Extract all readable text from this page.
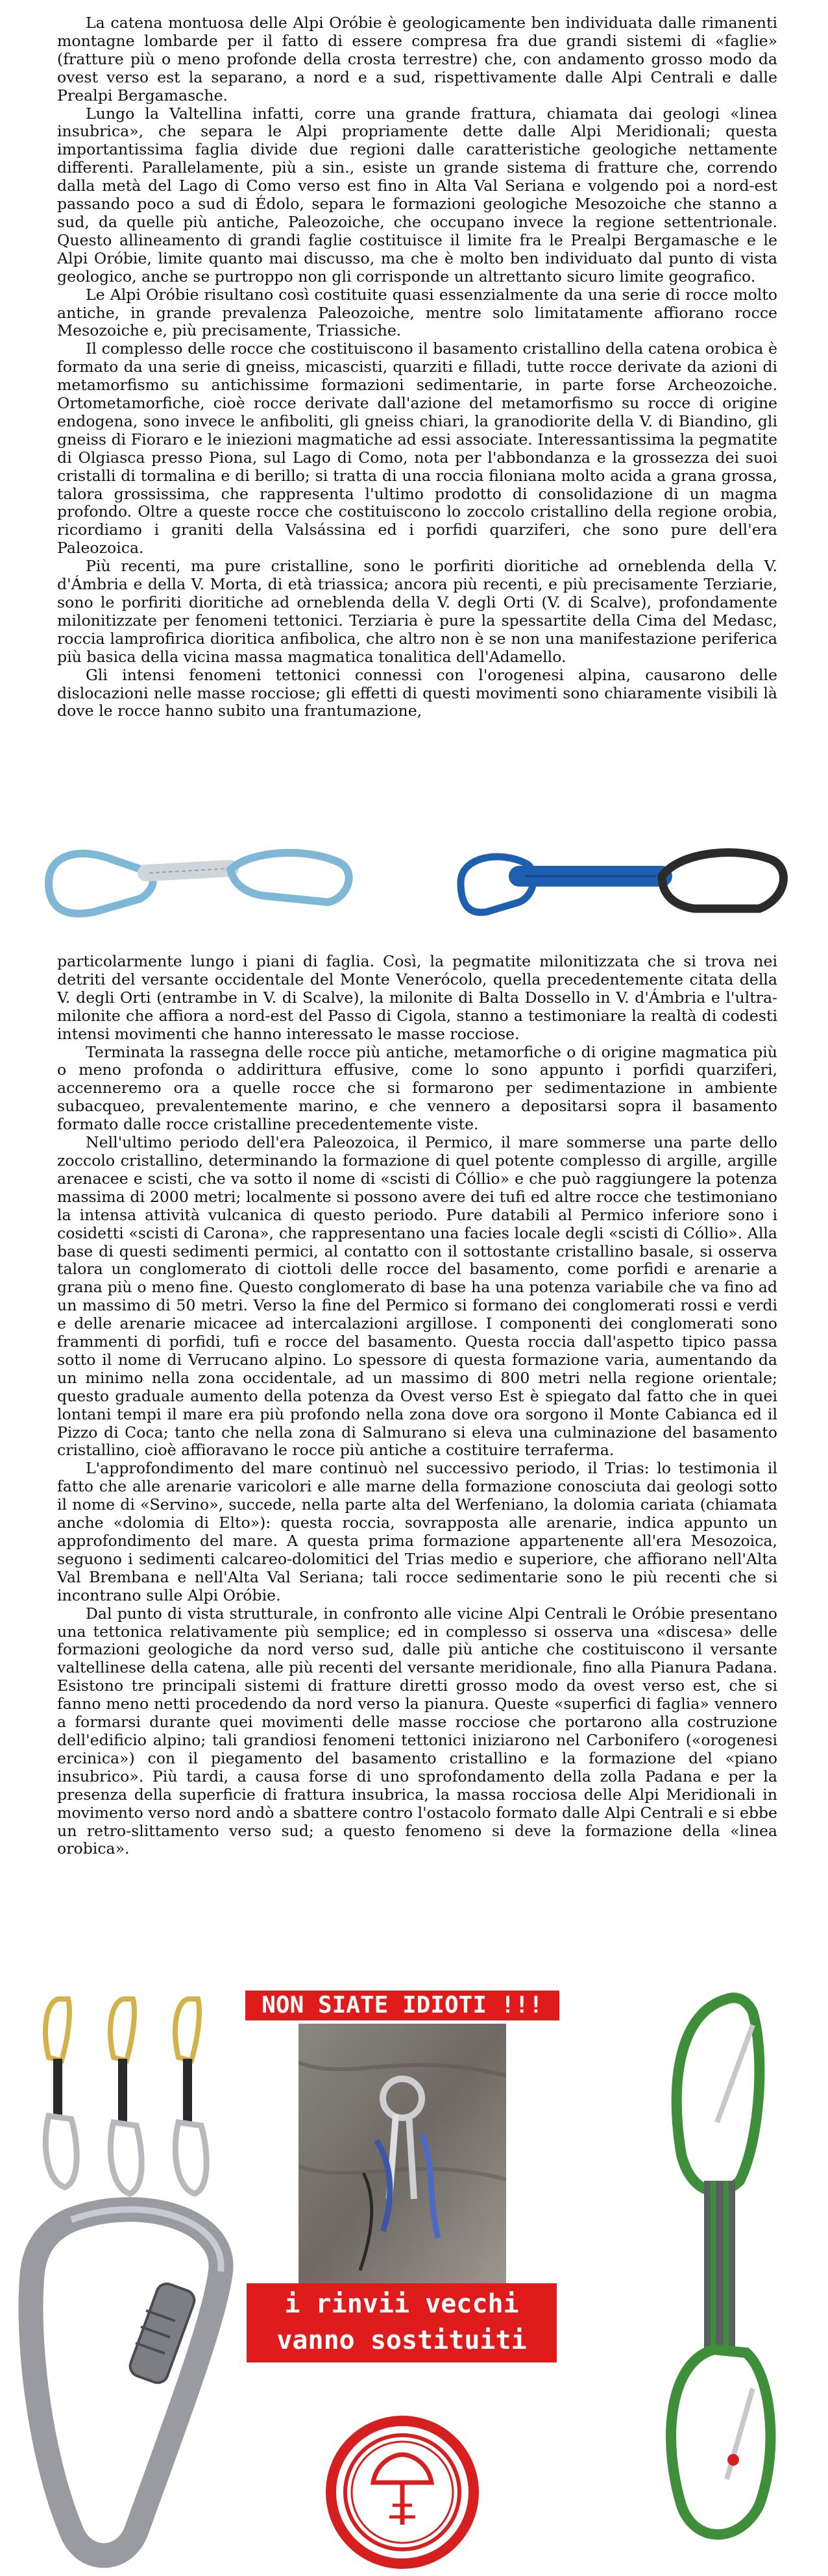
La catena montuosa delle Alpi Oróbie è geologicamente ben individuata dalle rimanenti montagne lombarde per il fatto di essere compresa fra due grandi sistemi di «faglie» (fratture più o meno profonde della crosta terrestre) che, con andamento grosso modo da ovest verso est la separano, a nord e a sud, rispettivamente dalle Alpi Centrali e dalle Prealpi Bergamasche.

Lungo la Valtellina infatti, corre una grande frattura, chiamata dai geologi «linea insubrica», che separa le Alpi propriamente dette dalle Alpi Meridionali; questa importantissima faglia divide due regioni dalle caratteristiche geologiche nettamente differenti. Parallelamente, più a sin., esiste un grande sistema di fratture che, correndo dalla metà del Lago di Como verso est fino in Alta Val Seriana e volgendo poi a nord-est passando poco a sud di Édolo, separa le formazioni geologiche Mesozoiche che stanno a sud, da quelle più antiche, Paleozoiche, che occupano invece la regione settentrionale. Questo allineamento di grandi faglie costituisce il limite fra le Prealpi Bergamasche e le Alpi Oróbie, limite quanto mai discusso, ma che è molto ben individuato dal punto di vista geologico, anche se purtroppo non gli corrisponde un altrettanto sicuro limite geografico.

Le Alpi Oróbie risultano così costituite quasi essenzialmente da una serie di rocce molto antiche, in grande prevalenza Paleozoiche, mentre solo limitatamente affiorano rocce Mesozoiche e, più precisamente, Triassiche.

Il complesso delle rocce che costituiscono il basamento cristallino della catena orobica è formato da una serie di gneiss, micascisti, quarziti e filladi, tutte rocce derivate da azioni di metamorfismo su antichissime formazioni sedimentarie, in parte forse Archeozoiche. Ortometamorfiche, cioè rocce derivate dall'azione del metamorfismo su rocce di origine endogena, sono invece le anfiboliti, gli gneiss chiari, la granodiorite della V. di Biandino, gli gneiss di Fioraro e le iniezioni magmatiche ad essi associate. Interessantissima la pegmatite di Olgiasca presso Piona, sul Lago di Como, nota per l'abbondanza e la grossezza dei suoi cristalli di tormalina e di berillo; si tratta di una roccia filoniana molto acida a grana grossa, talora grossissima, che rappresenta l'ultimo prodotto di consolidazione di un magma profondo. Oltre a queste rocce che costituiscono lo zoccolo cristallino della regione orobia, ricordiamo i graniti della Valsássina ed i porfidi quarziferi, che sono pure dell'era Paleozoica.

Più recenti, ma pure cristalline, sono le porfiriti dioritiche ad orneblenda della V. d'Ámbria e della V. Morta, di età triassica; ancora più recenti, e più precisamente Terziarie, sono le porfiriti dioritiche ad orneblenda della V. degli Orti (V. di Scalve), profondamente milonitizzate per fenomeni tettonici. Terziaria è pure la spessartite della Cima del Medasc, roccia lamprofirica dioritica anfibolica, che altro non è se non una manifestazione periferica più basica della vicina massa magmatica tonalitica dell'Adamello.

Gli intensi fenomeni tettonici connessi con l'orogenesi alpina, causarono delle dislocazioni nelle masse rocciose; gli effetti di questi movimenti sono chiaramente visibili là dove le rocce hanno subito una frantumazione,

particolarmente lungo i piani di faglia. Così, la pegmatite milonitizzata che si trova nei detriti del versante occidentale del Monte Venerócolo, quella precedentemente citata della V. degli Orti (entrambe in V. di Scalve), la milonite di Balta Dossello in V. d'Ámbria e l'ultra-milonite che affiora a nord-est del Passo di Cigola, stanno a testimoniare la realtà di codesti intensi movimenti che hanno interessato le masse rocciose.

Terminata la rassegna delle rocce più antiche, metamorfiche o di origine magmatica più o meno profonda o addirittura effusive, come lo sono appunto i porfidi quarziferi, accenneremo ora a quelle rocce che si formarono per sedimentazione in ambiente subacqueo, prevalentemente marino, e che vennero a depositarsi sopra il basamento formato dalle rocce cristalline precedentemente viste.

Nell'ultimo periodo dell'era Paleozoica, il Permico, il mare sommerse una parte dello zoccolo cristallino, determinando la formazione di quel potente complesso di argille, argille arenacee e scisti, che va sotto il nome di «scisti di Cóllio» e che può raggiungere la potenza massima di 2000 metri; localmente si possono avere dei tufi ed altre rocce che testimoniano la intensa attività vulcanica di questo periodo. Pure databili al Permico inferiore sono i cosidetti «scisti di Carona», che rappresentano una facies locale degli «scisti di Cóllio». Alla base di questi sedimenti permici, al contatto con il sottostante cristallino basale, si osserva talora un conglomerato di ciottoli delle rocce del basamento, come porfidi e arenarie a grana più o meno fine. Questo conglomerato di base ha una potenza variabile che va fino ad un massimo di 50 metri. Verso la fine del Permico si formano dei conglomerati rossi e verdi e delle arenarie micacee ad intercalazioni argillose. I componenti dei conglomerati sono frammenti di porfidi, tufi e rocce del basamento. Questa roccia dall'aspetto tipico passa sotto il nome di Verrucano alpino. Lo spessore di questa formazione varia, aumentando da un minimo nella zona occidentale, ad un massimo di 800 metri nella regione orientale; questo graduale aumento della potenza da Ovest verso Est è spiegato dal fatto che in quei lontani tempi il mare era più profondo nella zona dove ora sorgono il Monte Cabianca ed il Pizzo di Coca; tanto che nella zona di Salmurano si eleva una culminazione del basamento cristallino, cioè affioravano le rocce più antiche a costituire terraferma.

L'approfondimento del mare continuò nel successivo periodo, il Trias: lo testimonia il fatto che alle arenarie varicolori e alle marne della formazione conosciuta dai geologi sotto il nome di «Servino», succede, nella parte alta del Werfeniano, la dolomia cariata (chiamata anche «dolomia di Elto»): questa roccia, sovrapposta alle arenarie, indica appunto un approfondimento del mare. A questa prima formazione appartenente all'era Mesozoica, seguono i sedimenti calcareo-dolomitici del Trias medio e superiore, che affiorano nell'Alta Val Brembana e nell'Alta Val Seriana; tali rocce sedimentarie sono le più recenti che si incontrano sulle Alpi Oróbie.

Dal punto di vista strutturale, in confronto alle vicine Alpi Centrali le Oróbie presentano una tettonica relativamente più semplice; ed in complesso si osserva una «discesa» delle formazioni geologiche da nord verso sud, dalle più antiche che costituiscono il versante valtellinese della catena, alle più recenti del versante meridionale, fino alla Pianura Padana. Esistono tre principali sistemi di fratture diretti grosso modo da ovest verso est, che si fanno meno netti procedendo da nord verso la pianura. Queste «superfici di faglia» vennero a formarsi durante quei movimenti delle masse rocciose che portarono alla costruzione dell'edificio alpino; tali grandiosi fenomeni tettonici iniziarono nel Carbonifero («orogenesi ercinica») con il piegamento del basamento cristallino e la formazione del «piano insubrico». Più tardi, a causa forse di uno sprofondamento della zolla Padana e per la presenza della superficie di frattura insubrica, la massa rocciosa delle Alpi Meridionali in movimento verso nord andò a sbattere contro l'ostacolo formato dalle Alpi Centrali e si ebbe un retro-slittamento verso sud; a questo fenomeno si deve la formazione della «linea orobica».

NON SIATE IDIOTI !!!
i rinvii vecchi
vanno sostituiti
